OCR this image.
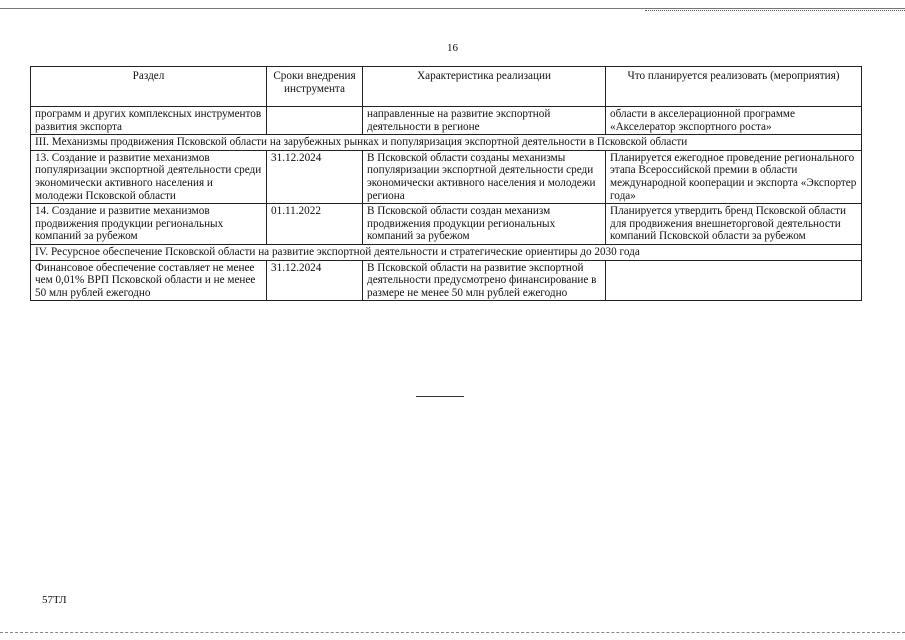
16
Раздел	Сроки внедрения инструмента	Характеристика реализации	Что планируется реализовать (мероприятия)
программ и других комплексных инструментов развития экспорта		направленные на развитие экспортной деятельности в регионе	области в акселерационной программе «Акселератор экспортного роста»
III. Механизмы продвижения Псковской области на зарубежных рынках и популяризация экспортной деятельности в Псковской области			
13. Создание и развитие механизмов популяризации экспортной деятельности среди экономически активного населения и молодежи Псковской области	31.12.2024	В Псковской области созданы механизмы популяризации экспортной деятельности среди экономически активного населения и молодежи региона	Планируется ежегодное проведение регионального этапа Всероссийской премии в области международной кооперации и экспорта «Экспортер года»
14. Создание и развитие механизмов продвижения продукции региональных компаний за рубежом	01.11.2022	В Псковской области создан механизм продвижения продукции региональных компаний за рубежом	Планируется утвердить бренд Псковской области для продвижения внешнеторговой деятельности компаний Псковской области за рубежом
IV. Ресурсное обеспечение Псковской области на развитие экспортной деятельности и стратегические ориентиры до 2030 года			
Финансовое обеспечение составляет не менее чем 0,01% ВРП Псковской области и не менее 50 млн рублей ежегодно	31.12.2024	В Псковской области на развитие экспортной деятельности предусмотрено финансирование в размере не менее 50 млн рублей ежегодно	
57ТЛ
